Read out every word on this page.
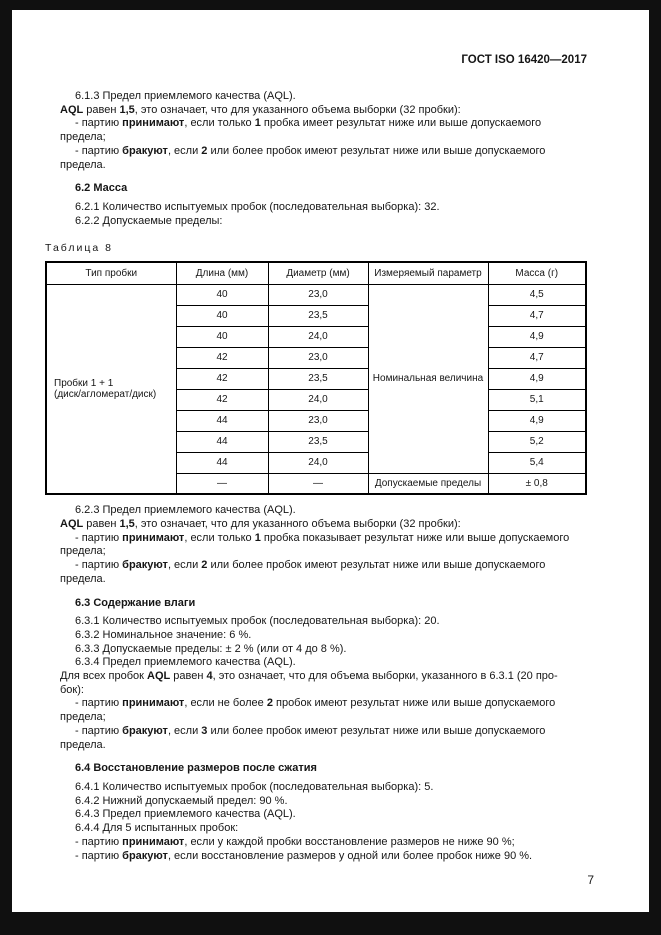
ГОСТ ISO 16420—2017

6.1.3 Предел приемлемого качества (AQL).

AQL равен 1,5, это означает, что для указанного объема выборки (32 пробки):

- партию принимают, если только 1 пробка имеет результат ниже или выше допускаемого предела;

- партию бракуют, если 2 или более пробок имеют результат ниже или выше допускаемого предела.

6.2 Масса

6.2.1 Количество испытуемых пробок (последовательная выборка): 32.

6.2.2 Допускаемые пределы:

Таблица 8

Тип пробки	Длина (мм)	Диаметр (мм)	Измеряемый параметр	Масса (г)

Пробки 1 + 1
(диск/агломерат/диск)	40	23,0	Номинальная величина	4,5
	40	23,5		4,7
	40	24,0		4,9
	42	23,0		4,7
	42	23,5		4,9
	42	24,0		5,1
	44	23,0		4,9
	44	23,5		5,2
	44	24,0		5,4
	—	—	Допускаемые пределы	± 0,8

6.2.3 Предел приемлемого качества (AQL).

AQL равен 1,5, это означает, что для указанного объема выборки (32 пробки):

- партию принимают, если только 1 пробка показывает результат ниже или выше допускаемого
предела;

- партию бракуют, если 2 или более пробок имеют результат ниже или выше допускаемого
предела.

6.3 Содержание влаги

6.3.1 Количество испытуемых пробок (последовательная выборка): 20.

6.3.2 Номинальное значение: 6 %.

6.3.3 Допускаемые пределы: ± 2 % (или от 4 до 8 %).

6.3.4 Предел приемлемого качества (AQL).

Для всех пробок AQL равен 4, это означает, что для объема выборки, указанного в 6.3.1 (20 про-
бок):

- партию принимают, если не более 2 пробок имеют результат ниже или выше допускаемого
предела;

- партию бракуют, если 3 или более пробок имеют результат ниже или выше допускаемого
предела.

6.4 Восстановление размеров после сжатия

6.4.1 Количество испытуемых пробок (последовательная выборка): 5.

6.4.2 Нижний допускаемый предел: 90 %.

6.4.3 Предел приемлемого качества (AQL).

6.4.4 Для 5 испытанных пробок:

- партию принимают, если у каждой пробки восстановление размеров не ниже 90 %;

- партию бракуют, если восстановление размеров у одной или более пробок ниже 90 %.

7
